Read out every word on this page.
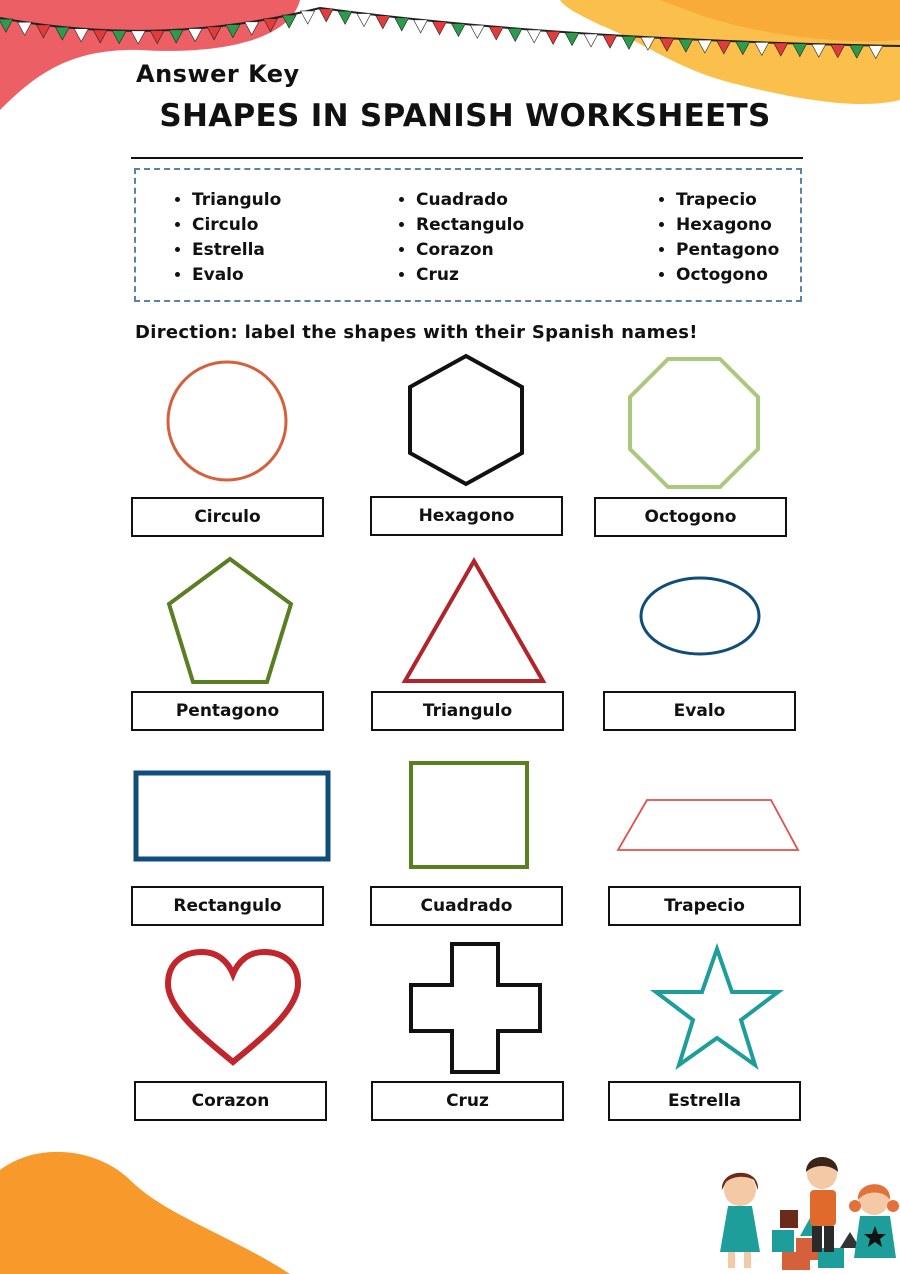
Answer Key
SHAPES IN SPANISH WORKSHEETS
• Triangulo
• Circulo
• Estrella
• Evalo
• Cuadrado
• Rectangulo
• Corazon
• Cruz
• Trapecio
• Hexagono
• Pentagono
• Octogono
Direction: label the shapes with their Spanish names!
Circulo	Hexagono	Octogono
Pentagono	Triangulo	Evalo
Rectangulo	Cuadrado	Trapecio
Corazon	Cruz	Estrella
